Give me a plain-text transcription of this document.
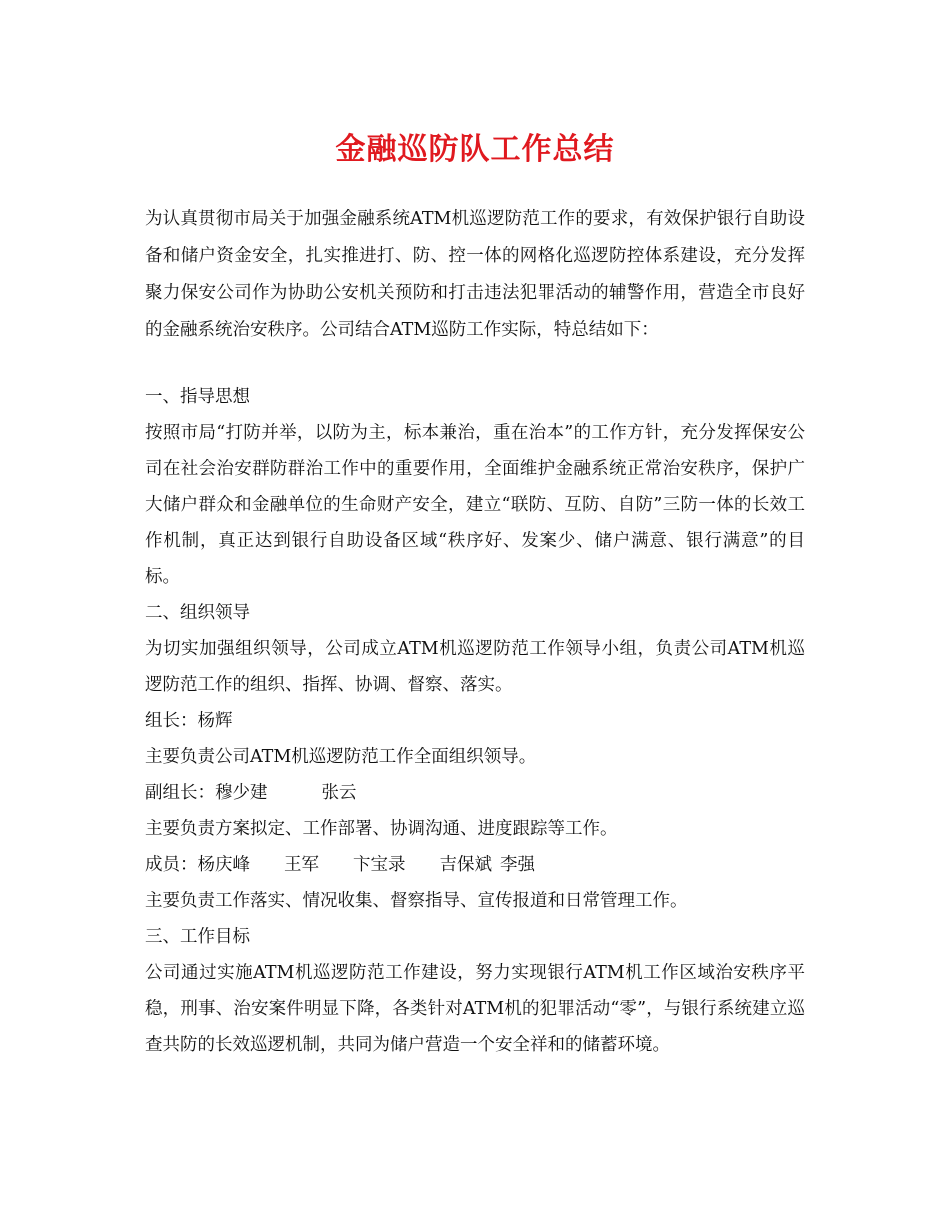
金融巡防队工作总结

为认真贯彻市局关于加强金融系统ATM机巡逻防范工作的要求，有效保护银行自助设备和储户资金安全，扎实推进打、防、控一体的网格化巡逻防控体系建设，充分发挥聚力保安公司作为协助公安机关预防和打击违法犯罪活动的辅警作用，营造全市良好的金融系统治安秩序。公司结合ATM巡防工作实际，特总结如下：

一、指导思想

按照市局“打防并举，以防为主，标本兼治，重在治本”的工作方针，充分发挥保安公司在社会治安群防群治工作中的重要作用，全面维护金融系统正常治安秩序，保护广大储户群众和金融单位的生命财产安全，建立“联防、互防、自防”三防一体的长效工作机制，真正达到银行自助设备区域“秩序好、发案少、储户满意、银行满意”的目标。

二、组织领导

为切实加强组织领导，公司成立ATM机巡逻防范工作领导小组，负责公司ATM机巡逻防范工作的组织、指挥、协调、督察、落实。

组长：杨辉

主要负责公司ATM机巡逻防范工作全面组织领导。

副组长：穆少建	张云

主要负责方案拟定、工作部署、协调沟通、进度跟踪等工作。

成员：杨庆峰 王军 卞宝录 吉保斌 李强

主要负责工作落实、情况收集、督察指导、宣传报道和日常管理工作。

三、工作目标

公司通过实施ATM机巡逻防范工作建设，努力实现银行ATM机工作区域治安秩序平稳，刑事、治安案件明显下降，各类针对ATM机的犯罪活动“零”，与银行系统建立巡查共防的长效巡逻机制，共同为储户营造一个安全祥和的储蓄环境。
